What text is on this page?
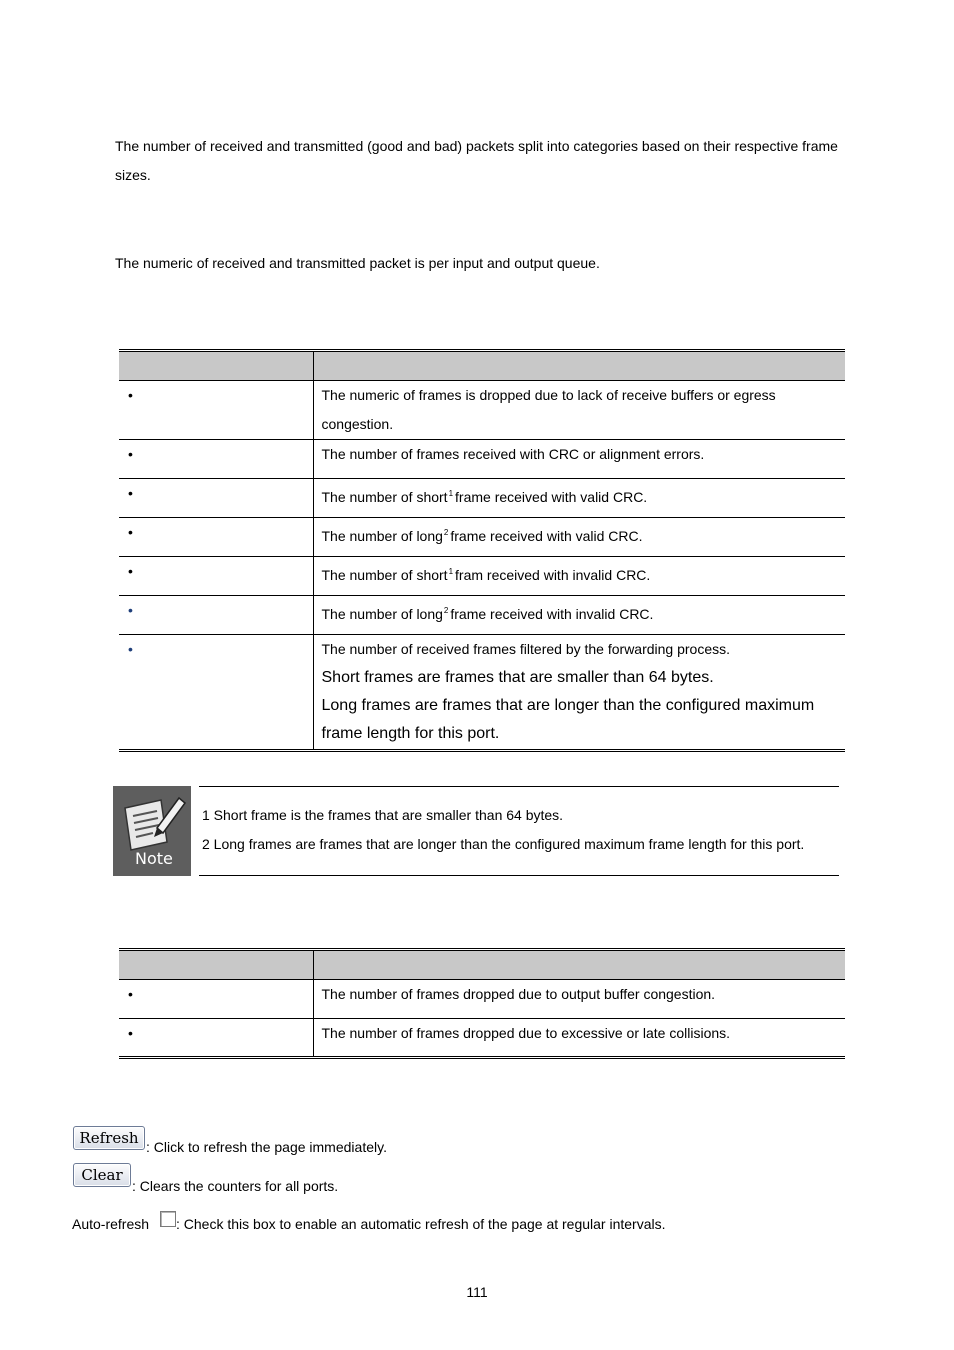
The number of received and transmitted (good and bad) packets split into categories based on their respective frame sizes.
The numeric of received and transmitted packet is per input and output queue.

•	The numeric of frames is dropped due to lack of receive buffers or egress congestion.

•	The number of frames received with CRC or alignment errors.

•	The number of short$^1$ frame received with valid CRC.

•	The number of long$^2$ frame received with valid CRC.

•	The number of short$^1$ fram received with invalid CRC.

•	The number of long$^2$ frame received with invalid CRC.

•	The number of received frames filtered by the forwarding process.
Short frames are frames that are smaller than 64 bytes.
Long frames are frames that are longer than the configured maximum frame length for this port.
Note
1 Short frame is the frames that are smaller than 64 bytes.
2 Long frames are frames that are longer than the configured maximum frame length for this port.

•	The number of frames dropped due to output buffer congestion.

•	The number of frames dropped due to excessive or late collisions.
Refresh : Click to refresh the page immediately.
Clear
: Clears the counters for all ports.
Auto-refresh : Check this box to enable an automatic refresh of the page at regular intervals.
111
